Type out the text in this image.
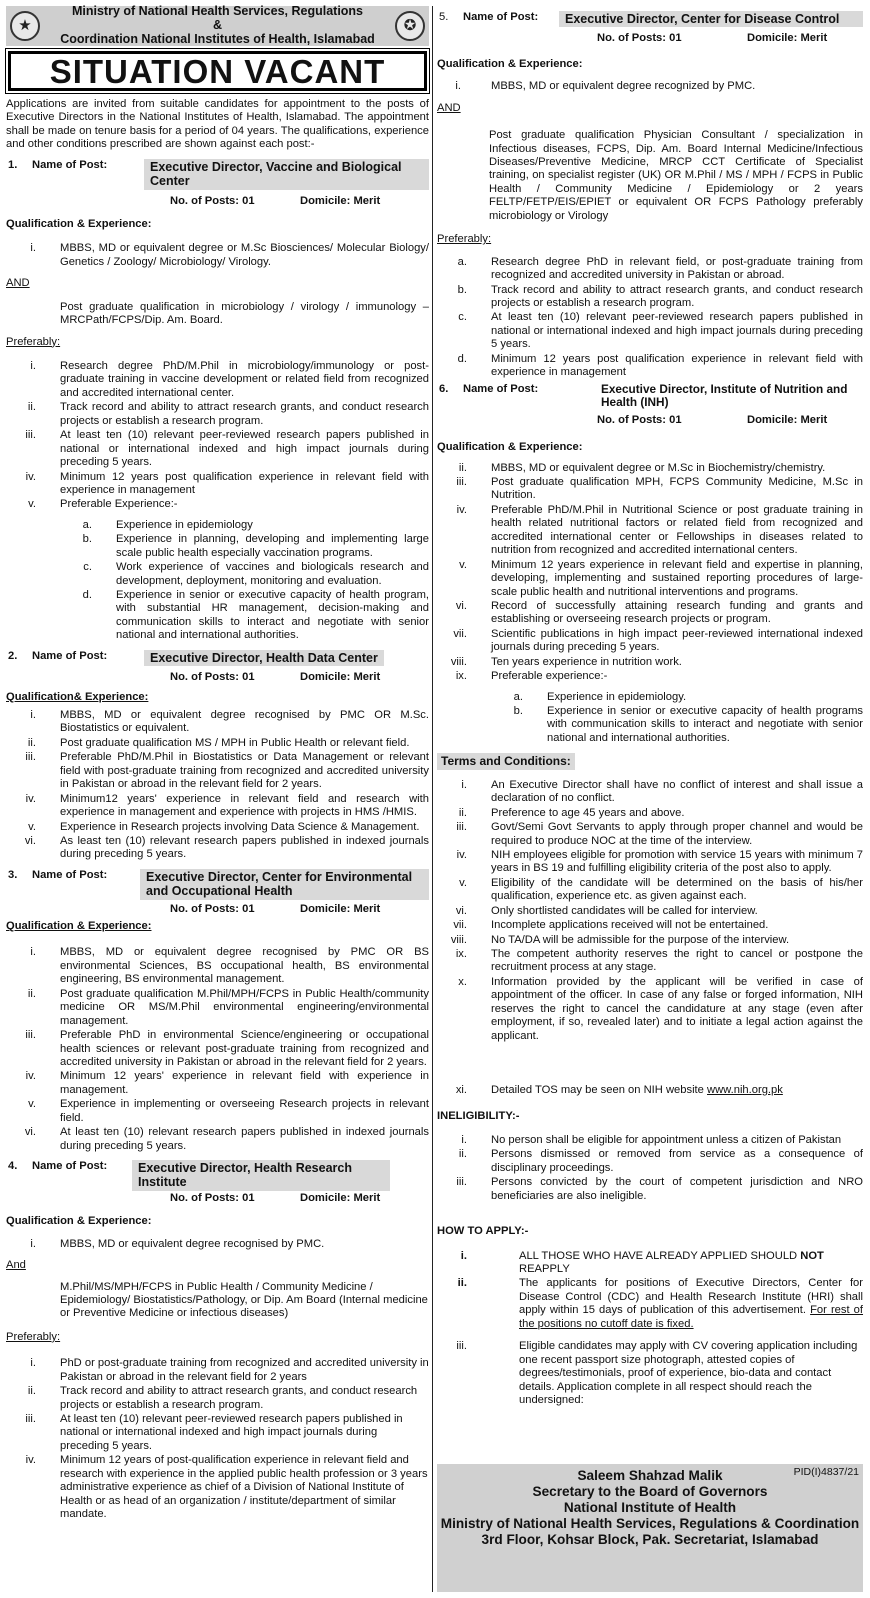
★
Ministry of National Health Services, Regulations
&
Coordination National Institutes of Health, Islamabad
✪
SITUATION VACANT

Applications are invited from suitable candidates for appointment to the posts of Executive Directors in the National Institutes of Health, Islamabad. The appointment shall be made on tenure basis for a period of 04 years. The qualifications, experience and other conditions prescribed are shown against each post:-

1.	Name of Post:	Executive Director, Vaccine and Biological Center
No. of Posts: 01	Domicile: Merit
Qualification & Experience:
i.	MBBS, MD or equivalent degree or M.Sc Biosciences/ Molecular Biology/ Genetics / Zoology/ Microbiology/ Virology.
AND

Post graduate qualification in microbiology / virology / immunology – MRCPath/FCPS/Dip. Am. Board.

Preferably:
i.	Research degree PhD/M.Phil in microbiology/immunology or post-graduate training in vaccine development or related field from recognized and accredited international center.
ii.	Track record and ability to attract research grants, and conduct research projects or establish a research program.
iii.	At least ten (10) relevant peer-reviewed research papers published in national or international indexed and high impact journals during preceding 5 years.
iv.	Minimum 12 years post qualification experience in relevant field with experience in management
v.	Preferable Experience:-
a.	Experience in epidemiology
b.	Experience in planning, developing and implementing large scale public health especially vaccination programs.
c.	Work experience of vaccines and biologicals research and development, deployment, monitoring and evaluation.
d.	Experience in senior or executive capacity of health program, with substantial HR management, decision-making and communication skills to interact and negotiate with senior national and international authorities.
2.	Name of Post:	Executive Director, Health Data Center
No. of Posts: 01	Domicile: Merit
Qualification& Experience:
i.	MBBS, MD or equivalent degree recognised by PMC OR M.Sc. Biostatistics or equivalent.
ii.	Post graduate qualification MS / MPH in Public Health or relevant field.
iii.	Preferable PhD/M.Phil in Biostatistics or Data Management or relevant field with post-graduate training from recognized and accredited university in Pakistan or abroad in the relevant field for 2 years.
iv.	Minimum12 years' experience in relevant field and research with experience in management and experience with projects in HMS /HMIS.
v.	Experience in Research projects involving Data Science & Management.
vi.	As least ten (10) relevant research papers published in indexed journals during preceding 5 years.
3.	Name of Post:	Executive Director, Center for Environmental and Occupational Health
No. of Posts: 01	Domicile: Merit
Qualification & Experience:
i.	MBBS, MD or equivalent degree recognised by PMC OR BS environmental Sciences, BS occupational health, BS environmental engineering, BS environmental management.
ii.	Post graduate qualification M.Phil/MPH/FCPS in Public Health/community medicine OR MS/M.Phil environmental engineering/environmental management.
iii.	Preferable PhD in environmental Science/engineering or occupational health sciences or relevant post-graduate training from recognized and accredited university in Pakistan or abroad in the relevant field for 2 years.
iv.	Minimum 12 years' experience in relevant field with experience in management.
v.	Experience in implementing or overseeing Research projects in relevant field.
vi.	At least ten (10) relevant research papers published in indexed journals during preceding 5 years.
4.	Name of Post:	Executive Director, Health Research Institute
No. of Posts: 01	Domicile: Merit
Qualification & Experience:
i.	MBBS, MD or equivalent degree recognised by PMC.
And

M.Phil/MS/MPH/FCPS in Public Health / Community Medicine / Epidemiology/ Biostatistics/Pathology, or Dip. Am Board (Internal medicine or Preventive Medicine or infectious diseases)

Preferably:
i.	PhD or post-graduate training from recognized and accredited university in Pakistan or abroad in the relevant field for 2 years
ii.	Track record and ability to attract research grants, and conduct research projects or establish a research program.
iii.	At least ten (10) relevant peer-reviewed research papers published in national or international indexed and high impact journals during preceding 5 years.
iv.	Minimum 12 years of post-qualification experience in relevant field and research with experience in the applied public health profession or 3 years administrative experience as chief of a Division of National Institute of Health or as head of an organization / institute/department of similar mandate.
5.	Name of Post:	Executive Director, Center for Disease Control
No. of Posts: 01	Domicile: Merit
Qualification & Experience:
i.	MBBS, MD or equivalent degree recognized by PMC.
AND

Post graduate qualification Physician Consultant / specialization in Infectious diseases, FCPS, Dip. Am. Board Internal Medicine/Infectious Diseases/Preventive Medicine, MRCP CCT Certificate of Specialist training, on specialist register (UK) OR M.Phil / MS / MPH / FCPS in Public Health / Community Medicine / Epidemiology or 2 years FELTP/FETP/EIS/EPIET or equivalent OR FCPS Pathology preferably microbiology or Virology

Preferably:
a.	Research degree PhD in relevant field, or post-graduate training from recognized and accredited university in Pakistan or abroad.
b.	Track record and ability to attract research grants, and conduct research projects or establish a research program.
c.	At least ten (10) relevant peer-reviewed research papers published in national or international indexed and high impact journals during preceding 5 years.
d.	Minimum 12 years post qualification experience in relevant field with experience in management
6.	Name of Post:	Executive Director, Institute of Nutrition and Health (INH)
No. of Posts: 01	Domicile: Merit
Qualification & Experience:
ii.	MBBS, MD or equivalent degree or M.Sc in Biochemistry/chemistry.
iii.	Post graduate qualification MPH, FCPS Community Medicine, M.Sc in Nutrition.
iv.	Preferable PhD/M.Phil in Nutritional Science or post graduate training in health related nutritional factors or related field from recognized and accredited international center or Fellowships in diseases related to nutrition from recognized and accredited international centers.
v.	Minimum 12 years experience in relevant field and expertise in planning, developing, implementing and sustained reporting procedures of large-scale public health and nutritional interventions and programs.
vi.	Record of successfully attaining research funding and grants and establishing or overseeing research projects or program.
vii.	Scientific publications in high impact peer-reviewed international indexed journals during preceding 5 years.
viii.	Ten years experience in nutrition work.
ix.	Preferable experience:-
a.	Experience in epidemiology.
b.	Experience in senior or executive capacity of health programs with communication skills to interact and negotiate with senior national and international authorities.
Terms and Conditions:
i.	An Executive Director shall have no conflict of interest and shall issue a declaration of no conflict.
ii.	Preference to age 45 years and above.
iii.	Govt/Semi Govt Servants to apply through proper channel and would be required to produce NOC at the time of the interview.
iv.	NIH employees eligible for promotion with service 15 years with minimum 7 years in BS 19 and fulfilling eligibility criteria of the post also to apply.
v.	Eligibility of the candidate will be determined on the basis of his/her qualification, experience etc. as given against each.
vi.	Only shortlisted candidates will be called for interview.
vii.	Incomplete applications received will not be entertained.
viii.	No TA/DA will be admissible for the purpose of the interview.
ix.	The competent authority reserves the right to cancel or postpone the recruitment process at any stage.
x.	Information provided by the applicant will be verified in case of appointment of the officer. In case of any false or forged information, NIH reserves the right to cancel the candidature at any stage (even after employment, if so, revealed later) and to initiate a legal action against the applicant.
xi.	Detailed TOS may be seen on NIH website www.nih.org.pk
INELIGIBILITY:-
i.	No person shall be eligible for appointment unless a citizen of Pakistan
ii.	Persons dismissed or removed from service as a consequence of disciplinary proceedings.
iii.	Persons convicted by the court of competent jurisdiction and NRO beneficiaries are also ineligible.
HOW TO APPLY:-
i.	ALL THOSE WHO HAVE ALREADY APPLIED SHOULD NOT REAPPLY
ii.	The applicants for positions of Executive Directors, Center for Disease Control (CDC) and Health Research Institute (HRI) shall apply within 15 days of publication of this advertisement. For rest of the positions no cutoff date is fixed.
iii.	Eligible candidates may apply with CV covering application including one recent passport size photograph, attested copies of degrees/testimonials, proof of experience, bio-data and contact details. Application complete in all respect should reach the undersigned:
PID(I)4837/21
Saleem Shahzad Malik
Secretary to the Board of Governors
National Institute of Health
Ministry of National Health Services, Regulations & Coordination
3rd Floor, Kohsar Block, Pak. Secretariat, Islamabad
